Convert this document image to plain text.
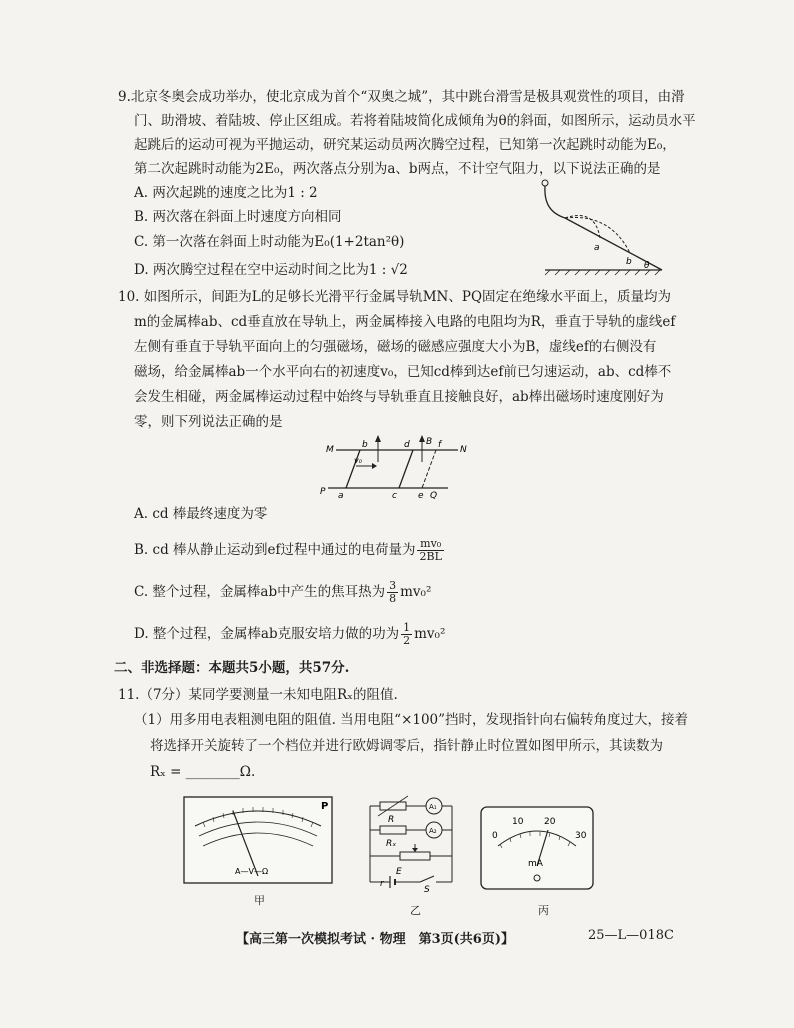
9.北京冬奥会成功举办，使北京成为首个“双奥之城”，其中跳台滑雪是极具观赏性的项目，由滑
门、助滑坡、着陆坡、停止区组成。若将着陆坡简化成倾角为θ的斜面，如图所示，运动员水平
起跳后的运动可视为平抛运动，研究某运动员两次腾空过程，已知第一次起跳时动能为E₀，
第二次起跳时动能为2E₀，两次落点分别为a、b两点，不计空气阻力，以下说法正确的是
A. 两次起跳的速度之比为1 : 2
B. 两次落在斜面上时速度方向相同
C. 第一次落在斜面上时动能为E₀(1+2tan²θ)
D. 两次腾空过程在空中运动时间之比为1 : √2
a
b θ
10. 如图所示，间距为L的足够长光滑平行金属导轨MN、PQ固定在绝缘水平面上，质量均为
m的金属棒ab、cd垂直放在导轨上，两金属棒接入电路的电阻均为R，垂直于导轨的虚线ef
左侧有垂直于导轨平面向上的匀强磁场，磁场的磁感应强度大小为B，虚线ef的右侧没有
磁场，给金属棒ab一个水平向右的初速度v₀，已知cd棒到达ef前已匀速运动，ab、cd棒不
会发生相碰，两金属棒运动过程中始终与导轨垂直且接触良好，ab棒出磁场时速度刚好为
零，则下列说法正确的是
M	N
P	Q
a
b
c
d
e
f
B
v₀
A. cd 棒最终速度为零
B. cd 棒从静止运动到ef过程中通过的电荷量为 $\frac{\text{mv₀}}{2BL}$
C. 整个过程，金属棒ab中产生的焦耳热为 $\frac{3}{8} mv_0^2$
D. 整个过程，金属棒ab克服安培力做的功为 $\frac{1}{2} mv_0^2$
二、非选择题：本题共5小题，共57分.
11.（7分）某同学要测量一未知电阻Rₓ的阻值.
（1）用多用电表粗测电阻的阻值. 当用电阻“×100”挡时，发现指针向右偏转角度过大，接着
将选择开关旋转了一个档位并进行欧姆调零后，指针静止时位置如图甲所示，其读数为
Rₓ = ________Ω.
P
A—V—Ω
甲
R
Rₓ
A₁
A₂
E
r
S
乙
0
10 20
30
mA
丙
【高三第一次模拟考试 · 物理　第3页(共6页)】	25—L—018C
